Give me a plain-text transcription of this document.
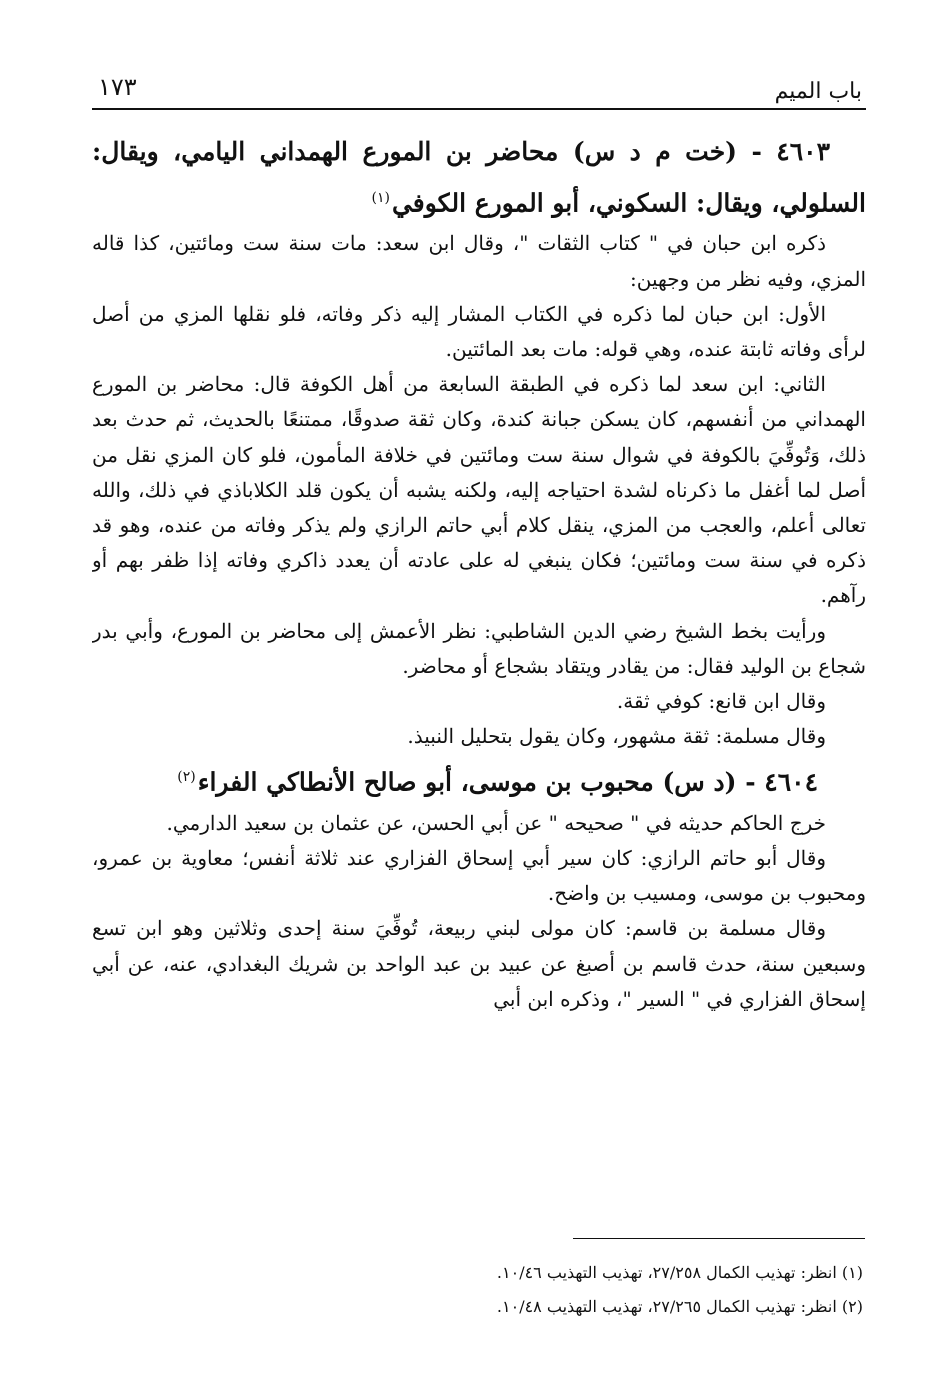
باب الميم
١٧٣
٤٦٠٣ - (خت م د س) محاضر بن المورع الهمداني اليامي، ويقال: السلولي، ويقال: السكوني، أبو المورع الكوفي$^{(١)}$

ذكره ابن حبان في " كتاب الثقات "، وقال ابن سعد: مات سنة ست ومائتين، كذا قاله المزي، وفيه نظر من وجهين:

الأول: ابن حبان لما ذكره في الكتاب المشار إليه ذكر وفاته، فلو نقلها المزي من أصل لرأى وفاته ثابتة عنده، وهي قوله: مات بعد المائتين.

الثاني: ابن سعد لما ذكره في الطبقة السابعة من أهل الكوفة قال: محاضر بن المورع الهمداني من أنفسهم، كان يسكن جبانة كندة، وكان ثقة صدوقًا، ممتنعًا بالحديث، ثم حدث بعد ذلك، وَتُوفِّيَ بالكوفة في شوال سنة ست ومائتين في خلافة المأمون، فلو كان المزي نقل من أصل لما أغفل ما ذكرناه لشدة احتياجه إليه، ولكنه يشبه أن يكون قلد الكلاباذي في ذلك، والله تعالى أعلم، والعجب من المزي، ينقل كلام أبي حاتم الرازي ولم يذكر وفاته من عنده، وهو قد ذكره في سنة ست ومائتين؛ فكان ينبغي له على عادته أن يعدد ذاكري وفاته إذا ظفر بهم أو رآهم.

ورأيت بخط الشيخ رضي الدين الشاطبي: نظر الأعمش إلى محاضر بن المورع، وأبي بدر شجاع بن الوليد فقال: من يقادر ويتقاد بشجاع أو محاضر.

وقال ابن قانع: كوفي ثقة.

وقال مسلمة: ثقة مشهور، وكان يقول بتحليل النبيذ.

٤٦٠٤ - (د س) محبوب بن موسى، أبو صالح الأنطاكي الفراء$^{(٢)}$

خرج الحاكم حديثه في " صحيحه " عن أبي الحسن، عن عثمان بن سعيد الدارمي.

وقال أبو حاتم الرازي: كان سير أبي إسحاق الفزاري عند ثلاثة أنفس؛ معاوية بن عمرو، ومحبوب بن موسى، ومسيب بن واضح.

وقال مسلمة بن قاسم: كان مولى لبني ربيعة، تُوفِّيَ سنة إحدى وثلاثين وهو ابن تسع وسبعين سنة، حدث قاسم بن أصبغ عن عبيد بن عبد الواحد بن شريك البغدادي، عنه، عن أبي إسحاق الفزاري في " السير "، وذكره ابن أبي

(١) انظر: تهذيب الكمال ٢٧/٢٥٨، تهذيب التهذيب ١٠/٤٦.

(٢) انظر: تهذيب الكمال ٢٧/٢٦٥، تهذيب التهذيب ١٠/٤٨.
